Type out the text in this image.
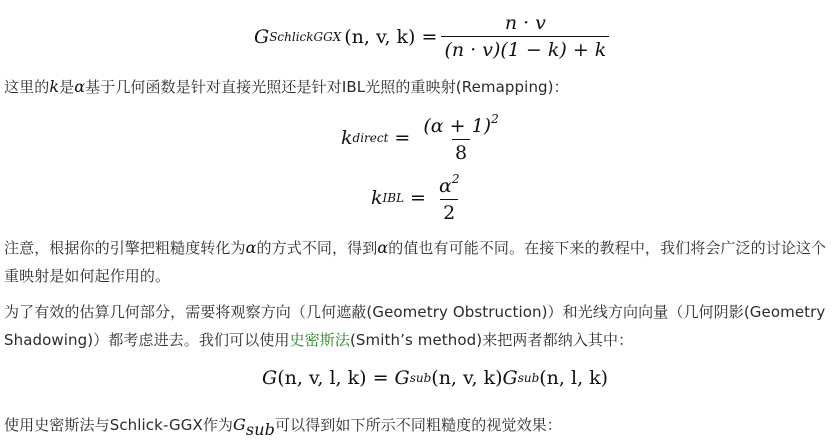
G SchlickGGX (n, v, $k) = \frac{n \cdot v}{(n \cdot v)(1 - k) + k}$
这里的k是α基于几何函数是针对直接光照还是针对IBL光照的重映射(Remapping)：
k direct = $\frac{(\alpha + 1)^2}{8}$
k IBL = $\frac{\alpha^2}{2}$
注意，根据你的引擎把粗糙度转化为α的方式不同，得到α的值也有可能不同。在接下来的教程中，我们将会广泛的讨论这个
重映射是如何起作用的。
为了有效的估算几何部分，需要将观察方向（几何遮蔽(Geometry Obstruction)）和光线方向向量（几何阴影(Geometry
Shadowing)）都考虑进去。我们可以使用史密斯法(Smith’s method)来把两者都纳入其中：
G (n, v, l, k) = G sub (n, v, k) G sub (n, l, k)
使用史密斯法与Schlick-GGX作为Gsub可以得到如下所示不同粗糙度的视觉效果：
